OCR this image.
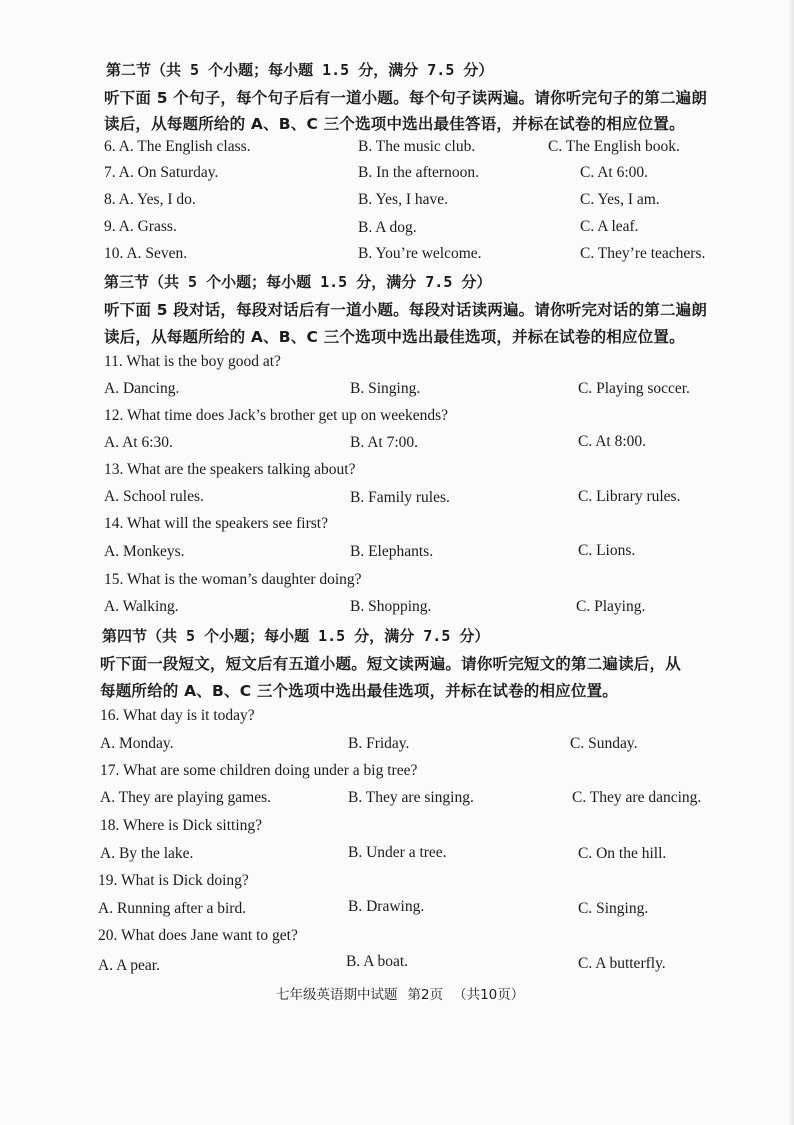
第二节（共 5 个小题；每小题 1.5 分，满分 7.5 分）
听下面 5 个句子，每个句子后有一道小题。每个句子读两遍。请你听完句子的第二遍朗
读后，从每题所给的 A、B、C 三个选项中选出最佳答语，并标在试卷的相应位置。
6. A. The English class.	B. The music club.	C. The English book.
7. A. On Saturday.	B. In the afternoon.	C. At 6:00.
8. A. Yes, I do.	B. Yes, I have.	C. Yes, I am.
9. A. Grass.	B. A dog.	C. A leaf.
10. A. Seven.	B. You’re welcome.	C. They’re teachers.
第三节（共 5 个小题；每小题 1.5 分，满分 7.5 分）
听下面 5 段对话，每段对话后有一道小题。每段对话读两遍。请你听完对话的第二遍朗
读后，从每题所给的 A、B、C 三个选项中选出最佳选项，并标在试卷的相应位置。
11. What is the boy good at?
A. Dancing.	B. Singing.	C. Playing soccer.
12. What time does Jack’s brother get up on weekends?
A. At 6:30.	B. At 7:00.	C. At 8:00.
13. What are the speakers talking about?
A. School rules.	B. Family rules.	C. Library rules.
14. What will the speakers see first?
A. Monkeys.	B. Elephants.	C. Lions.
15. What is the woman’s daughter doing?
A. Walking.	B. Shopping.	C. Playing.
第四节（共 5 个小题；每小题 1.5 分，满分 7.5 分）
听下面一段短文，短文后有五道小题。短文读两遍。请你听完短文的第二遍读后，从
每题所给的 A、B、C 三个选项中选出最佳选项，并标在试卷的相应位置。
16. What day is it today?
A. Monday.	B. Friday.	C. Sunday.
17. What are some children doing under a big tree?
A. They are playing games.	B. They are singing.	C. They are dancing.
18. Where is Dick sitting?
A. By the lake.	B. Under a tree.	C. On the hill.
19. What is Dick doing?
A. Running after a bird.	B. Drawing.	C. Singing.
20. What does Jane want to get?
A. A pear.	B. A boat.	C. A butterfly.
七年级英语期中试题 第2页 （共10页）
